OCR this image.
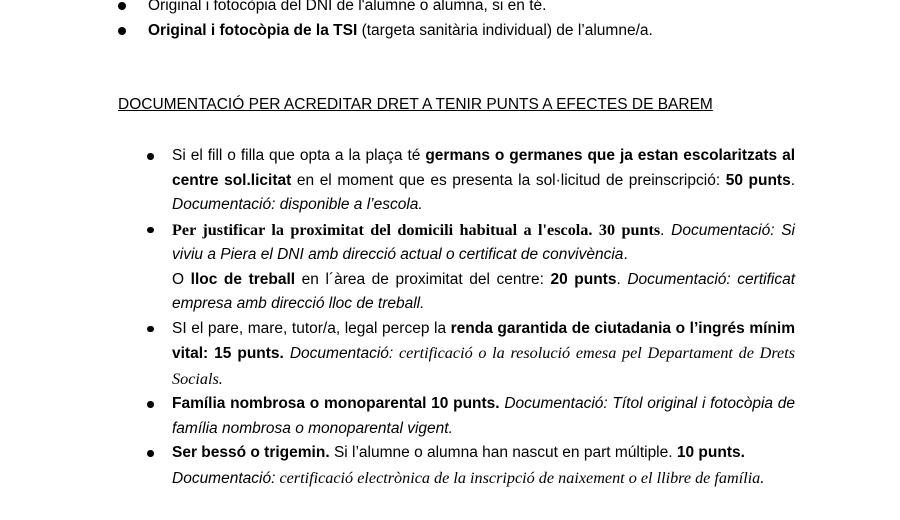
Original i fotocòpia del DNI de l'alumne o alumna, si en té.
Original i fotocòpia de la TSI (targeta sanitària individual) de l’alumne/a.
DOCUMENTACIÓ PER ACREDITAR DRET A TENIR PUNTS A EFECTES DE BAREM
Si el fill o filla que opta a la plaça té germans o germanes que ja estan escolaritzats al centre sol.licitat en el moment que es presenta la sol·licitud de preinscripció: 50 punts. Documentació: disponible a l’escola.
Per justificar la proximitat del domicili habitual a l'escola. 30 punts. Documentació: Si viviu a Piera el DNI amb direcció actual o certificat de convivència.
O lloc de treball en l´àrea de proximitat del centre: 20 punts. Documentació: certificat empresa amb direcció lloc de treball.
SI el pare, mare, tutor/a, legal percep la renda garantida de ciutadania o l’ingrés mínim vital: 15 punts. Documentació: certificació o la resolució emesa pel Departament de Drets Socials.
Família nombrosa o monoparental 10 punts. Documentació: Títol original i fotocòpia de família nombrosa o monoparental vigent.
Ser bessó o trigemin. Si l’alumne o alumna han nascut en part múltiple. 10 punts.
Documentació: certificació electrònica de la inscripció de naixement o el llibre de família.
